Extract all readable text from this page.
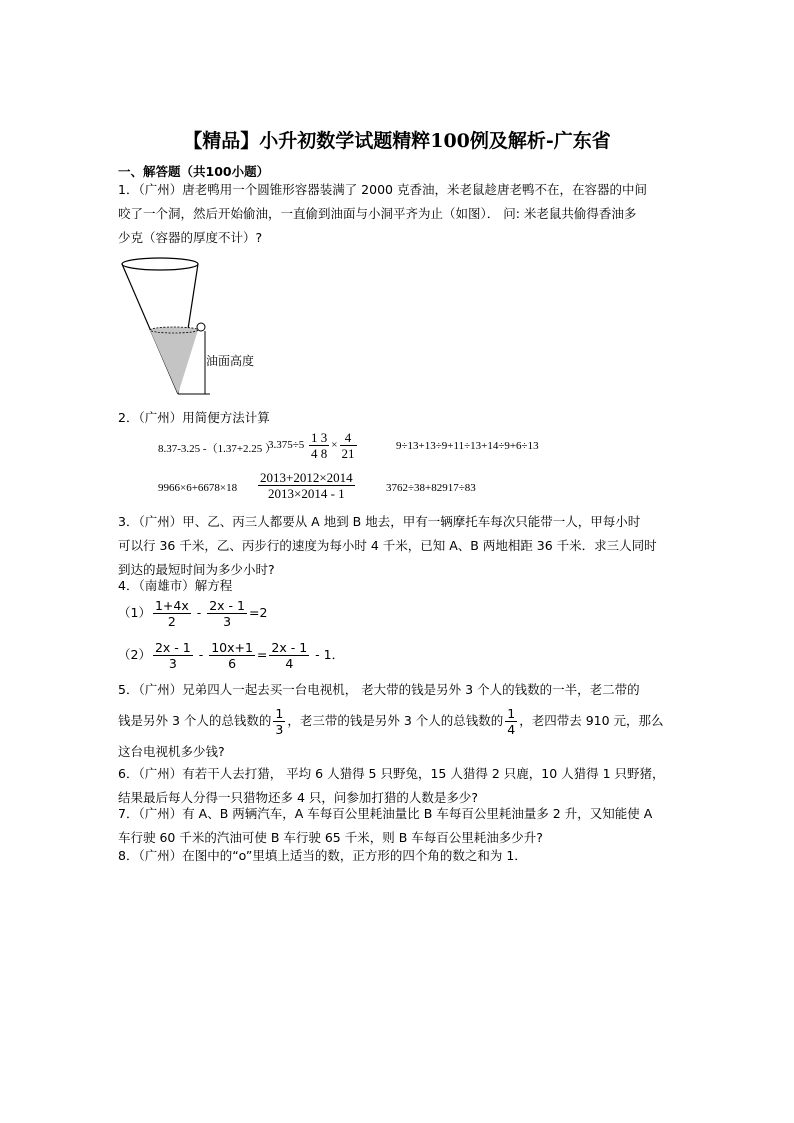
【精品】小升初数学试题精粹100例及解析-广东省
一、解答题（共100小题）
1．（广州）唐老鸭用一个圆锥形容器装满了 2000 克香油，米老鼠趁唐老鸭不在，在容器的中间
咬了一个洞，然后开始偷油，一直偷到油面与小洞平齐为止（如图）． 问: 米老鼠共偷得香油多
少克（容器的厚度不计）?
油面高度
2．（广州）用简便方法计算
8.37-3.25 -（1.37+2.25 ）
$3.375\div 5 \frac{1 3}{4 8} \times \frac{4}{21}$	9÷13+13÷9+11÷13+14÷9+6÷13
$9966\times 6+6678\times 18 \frac{2013+2012\times 2014}{2013\times 2014 - 1}$	3762÷38+82917÷83
3．（广州）甲、乙、丙三人都要从 A 地到 B 地去，甲有一辆摩托车每次只能带一人，甲每小时
可以行 36 千米，乙、丙步行的速度为每小时 4 千米，已知 A、B 两地相距 36 千米．求三人同时
到达的最短时间为多少小时?
4．（南雄市）解方程
$(1) \frac{1+4x}{2} - \frac{2x - 1}{3} =2$
$(2) \frac{2x - 1}{3} - \frac{10x+1}{6} = \frac{2x - 1}{4} - 1$．
5．（广州）兄弟四人一起去买一台电视机， 老大带的钱是另外 3 个人的钱数的一半，老二带的
钱是另外 3 个人的总钱数的 $\frac{1}{3}$ ，老三带的钱是另外 3 个人的总钱数的 $\frac{1}{4}$ ，老四带去 910 元，那么
这台电视机多少钱?
6．（广州）有若干人去打猎， 平均 6 人猎得 5 只野兔，15 人猎得 2 只鹿，10 人猎得 1 只野猪，
结果最后每人分得一只猎物还多 4 只，问参加打猎的人数是多少?
7．（广州）有 A、B 两辆汽车，A 车每百公里耗油量比 B 车每百公里耗油量多 2 升，又知能使 A
车行驶 60 千米的汽油可使 B 车行驶 65 千米，则 B 车每百公里耗油多少升?
8．（广州）在图中的“o”里填上适当的数，正方形的四个角的数之和为 1．
